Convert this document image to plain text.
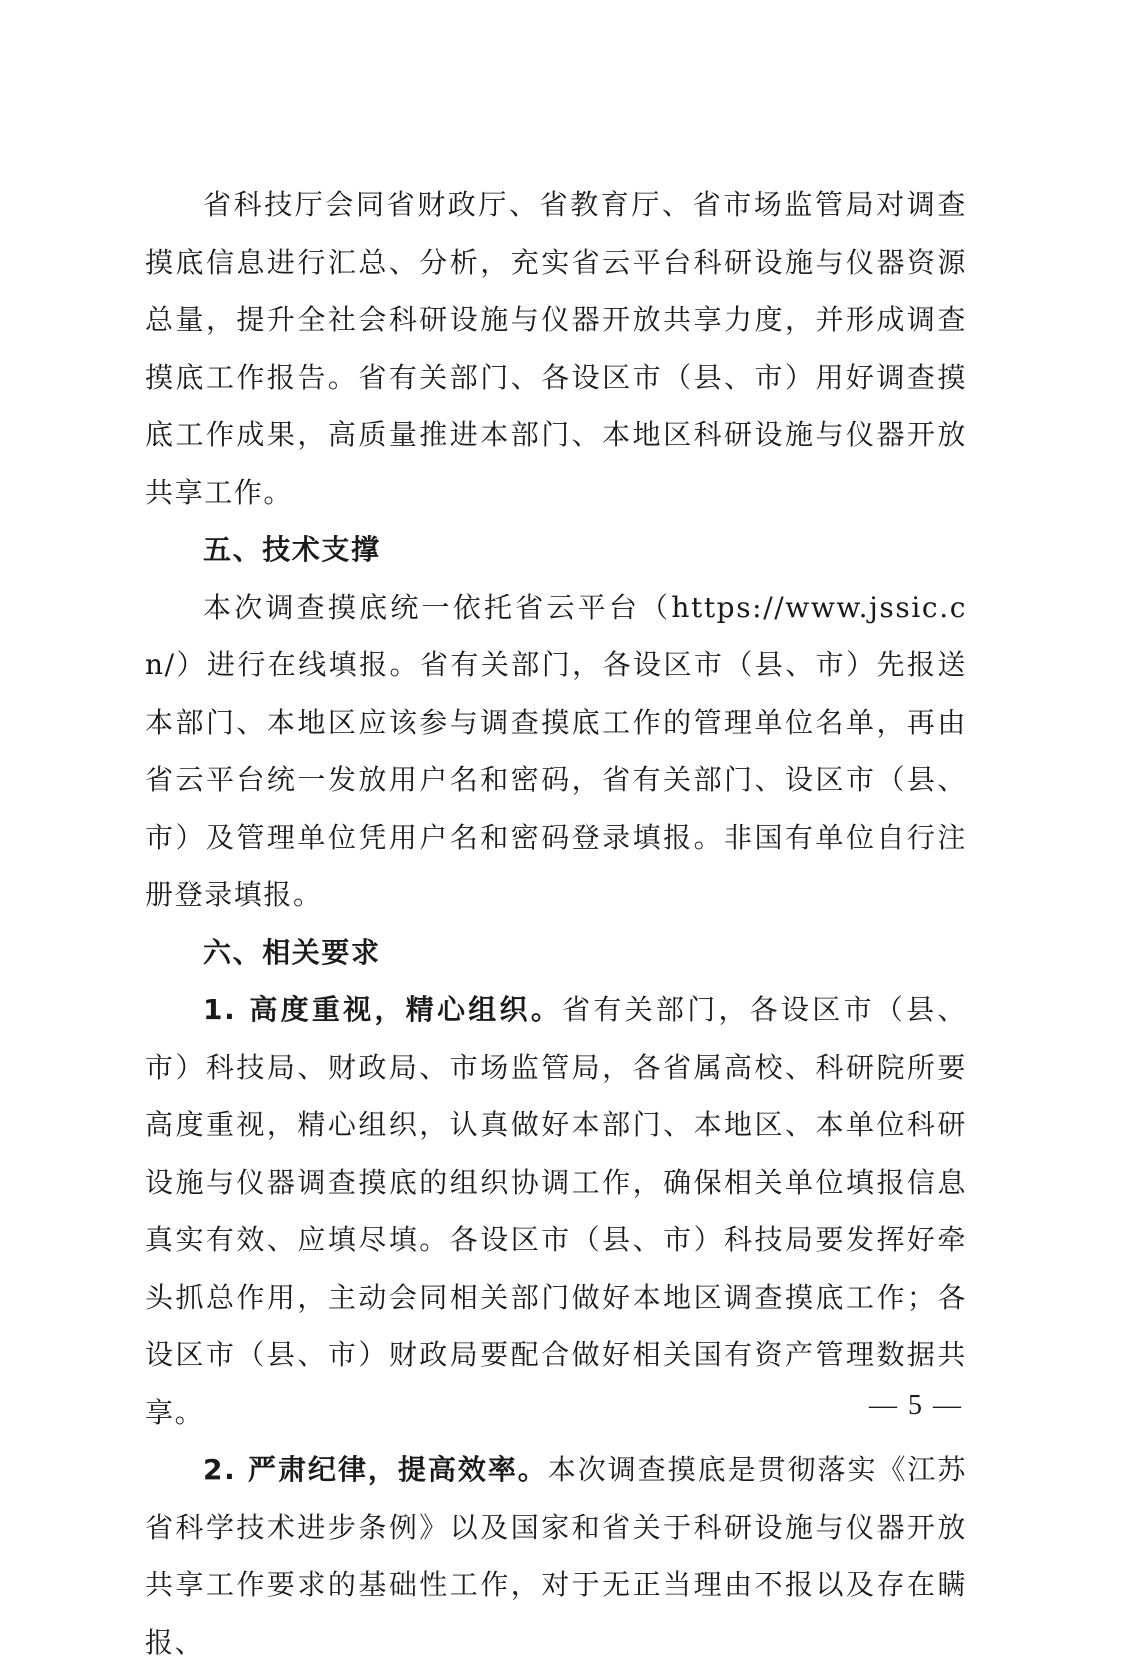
省科技厅会同省财政厅、省教育厅、省市场监管局对调查摸底信息进行汇总、分析，充实省云平台科研设施与仪器资源总量，提升全社会科研设施与仪器开放共享力度，并形成调查摸底工作报告。省有关部门、各设区市（县、市）用好调查摸底工作成果，高质量推进本部门、本地区科研设施与仪器开放共享工作。

五、技术支撑

本次调查摸底统一依托省云平台（https://www.jssic.cn/）进行在线填报。省有关部门，各设区市（县、市）先报送本部门、本地区应该参与调查摸底工作的管理单位名单，再由省云平台统一发放用户名和密码，省有关部门、设区市（县、市）及管理单位凭用户名和密码登录填报。非国有单位自行注册登录填报。

六、相关要求

1. 高度重视，精心组织。省有关部门，各设区市（县、市）科技局、财政局、市场监管局，各省属高校、科研院所要高度重视，精心组织，认真做好本部门、本地区、本单位科研设施与仪器调查摸底的组织协调工作，确保相关单位填报信息真实有效、应填尽填。各设区市（县、市）科技局要发挥好牵头抓总作用，主动会同相关部门做好本地区调查摸底工作；各设区市（县、市）财政局要配合做好相关国有资产管理数据共享。

2. 严肃纪律，提高效率。本次调查摸底是贯彻落实《江苏省科学技术进步条例》以及国家和省关于科研设施与仪器开放共享工作要求的基础性工作，对于无正当理由不报以及存在瞒报、

— 5 —
